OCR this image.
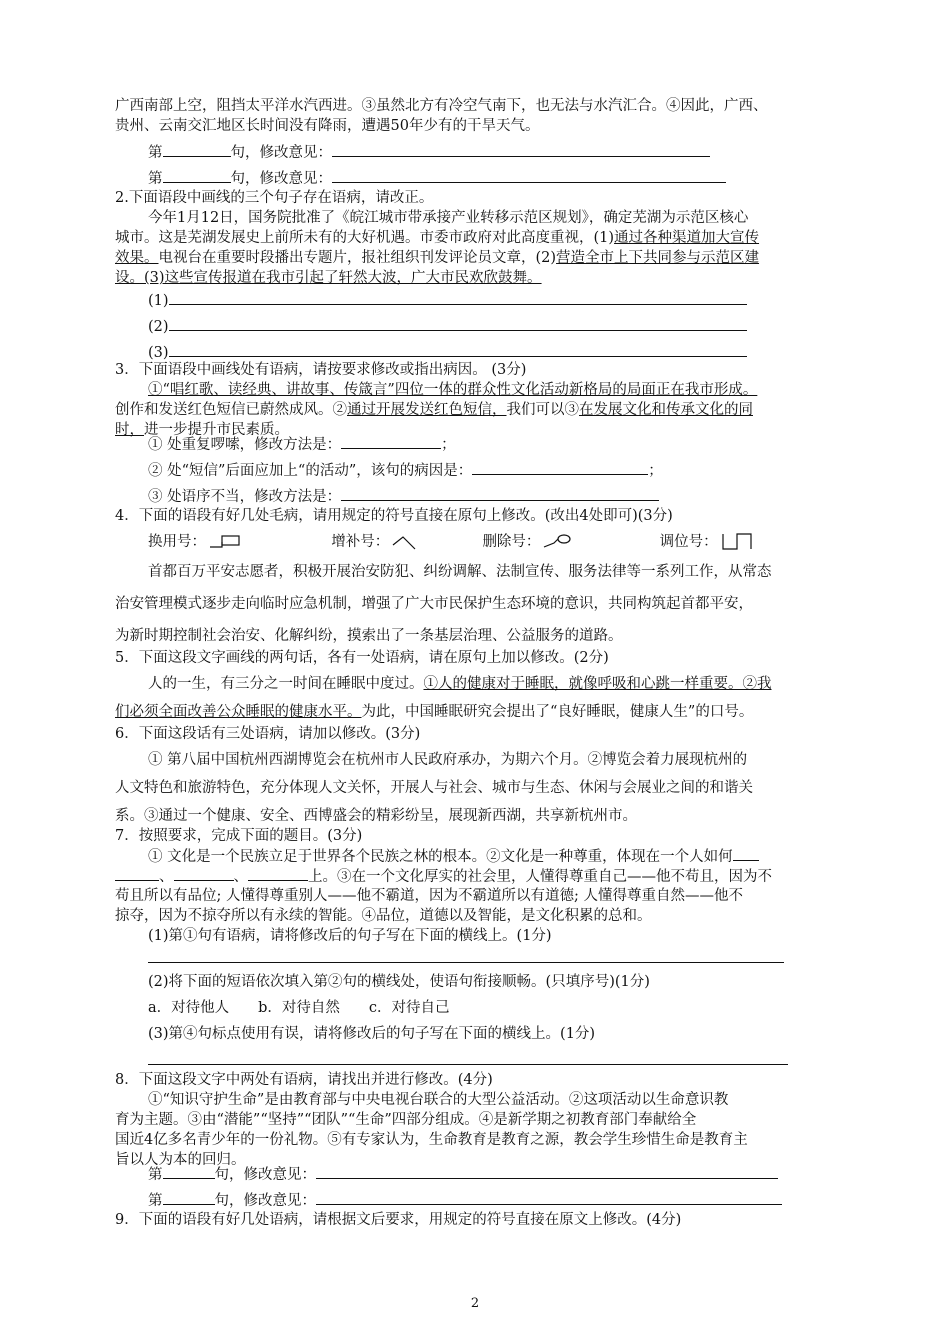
广西南部上空，阻挡太平洋水汽西进。③虽然北方有冷空气南下，也无法与水汽汇合。④因此，广西、
贵州、云南交汇地区长时间没有降雨，遭遇50年少有的干旱天气。
第	句，修改意见：
第	句，修改意见：
2.下面语段中画线的三个句子存在语病，请改正。
今年1月12日，国务院批准了《皖江城市带承接产业转移示范区规划》，确定芜湖为示范区核心
城市。这是芜湖发展史上前所未有的大好机遇。市委市政府对此高度重视，(1)通过各种渠道加大宣传
效果。电视台在重要时段播出专题片，报社组织刊发评论员文章，(2)营造全市上下共同参与示范区建
设。(3)这些宣传报道在我市引起了轩然大波，广大市民欢欣鼓舞。
(1)
(2)
(3)
3．下面语段中画线处有语病，请按要求修改或指出病因。 (3分)
①“唱红歌、读经典、讲故事、传箴言”四位一体的群众性文化活动新格局的局面正在我市形成。
创作和发送红色短信已蔚然成风。②通过开展发送红色短信，我们可以③在发展文化和传承文化的同
时，进一步提升市民素质。
① 处重复啰嗦，修改方法是：	；
② 处“短信”后面应加上“的活动”，该句的病因是：	；
③ 处语序不当，修改方法是：
4．下面的语段有好几处毛病，请用规定的符号直接在原句上修改。(改出4处即可)(3分)
换用号：	增补号：	删除号：	调位号：
首都百万平安志愿者，积极开展治安防犯、纠纷调解、法制宣传、服务法律等一系列工作，从常态
治安管理模式逐步走向临时应急机制，增强了广大市民保护生态环境的意识，共同构筑起首都平安，
为新时期控制社会治安、化解纠纷，摸索出了一条基层治理、公益服务的道路。
5．下面这段文字画线的两句话，各有一处语病，请在原句上加以修改。(2分)
人的一生，有三分之一时间在睡眠中度过。①人的健康对于睡眠，就像呼吸和心跳一样重要。②我
们必须全面改善公众睡眠的健康水平。为此，中国睡眠研究会提出了“良好睡眠，健康人生”的口号。
6．下面这段话有三处语病，请加以修改。(3分)
① 第八届中国杭州西湖博览会在杭州市人民政府承办，为期六个月。②博览会着力展现杭州的
人文特色和旅游特色，充分体现人文关怀，开展人与社会、城市与生态、休闲与会展业之间的和谐关
系。③通过一个健康、安全、西博盛会的精彩纷呈，展现新西湖，共享新杭州市。
7．按照要求，完成下面的题目。(3分)
① 文化是一个民族立足于世界各个民族之林的根本。②文化是一种尊重，体现在一个人如何
、	、	上。③在一个文化厚实的社会里，人懂得尊重自己——他不苟且，因为不
苟且所以有品位; 人懂得尊重别人——他不霸道，因为不霸道所以有道德; 人懂得尊重自然——他不
掠夺，因为不掠夺所以有永续的智能。④品位，道德以及智能，是文化积累的总和。
(1)第①句有语病，请将修改后的句子写在下面的横线上。(1分)
(2)将下面的短语依次填入第②句的横线处，使语句衔接顺畅。(只填序号)(1分)
a．对待他人　　b．对待自然　　c．对待自己
(3)第④句标点使用有误，请将修改后的句子写在下面的横线上。(1分)
8．下面这段文字中两处有语病，请找出并进行修改。(4分)
①“知识守护生命”是由教育部与中央电视台联合的大型公益活动。②这项活动以生命意识教
育为主题。③由“潜能”“坚持”“团队”“生命”四部分组成。④是新学期之初教育部门奉献给全
国近4亿多名青少年的一份礼物。⑤有专家认为，生命教育是教育之源，教会学生珍惜生命是教育主
旨以人为本的回归。
第	句，修改意见：
第	句，修改意见：
9．下面的语段有好几处语病，请根据文后要求，用规定的符号直接在原文上修改。(4分)
2
